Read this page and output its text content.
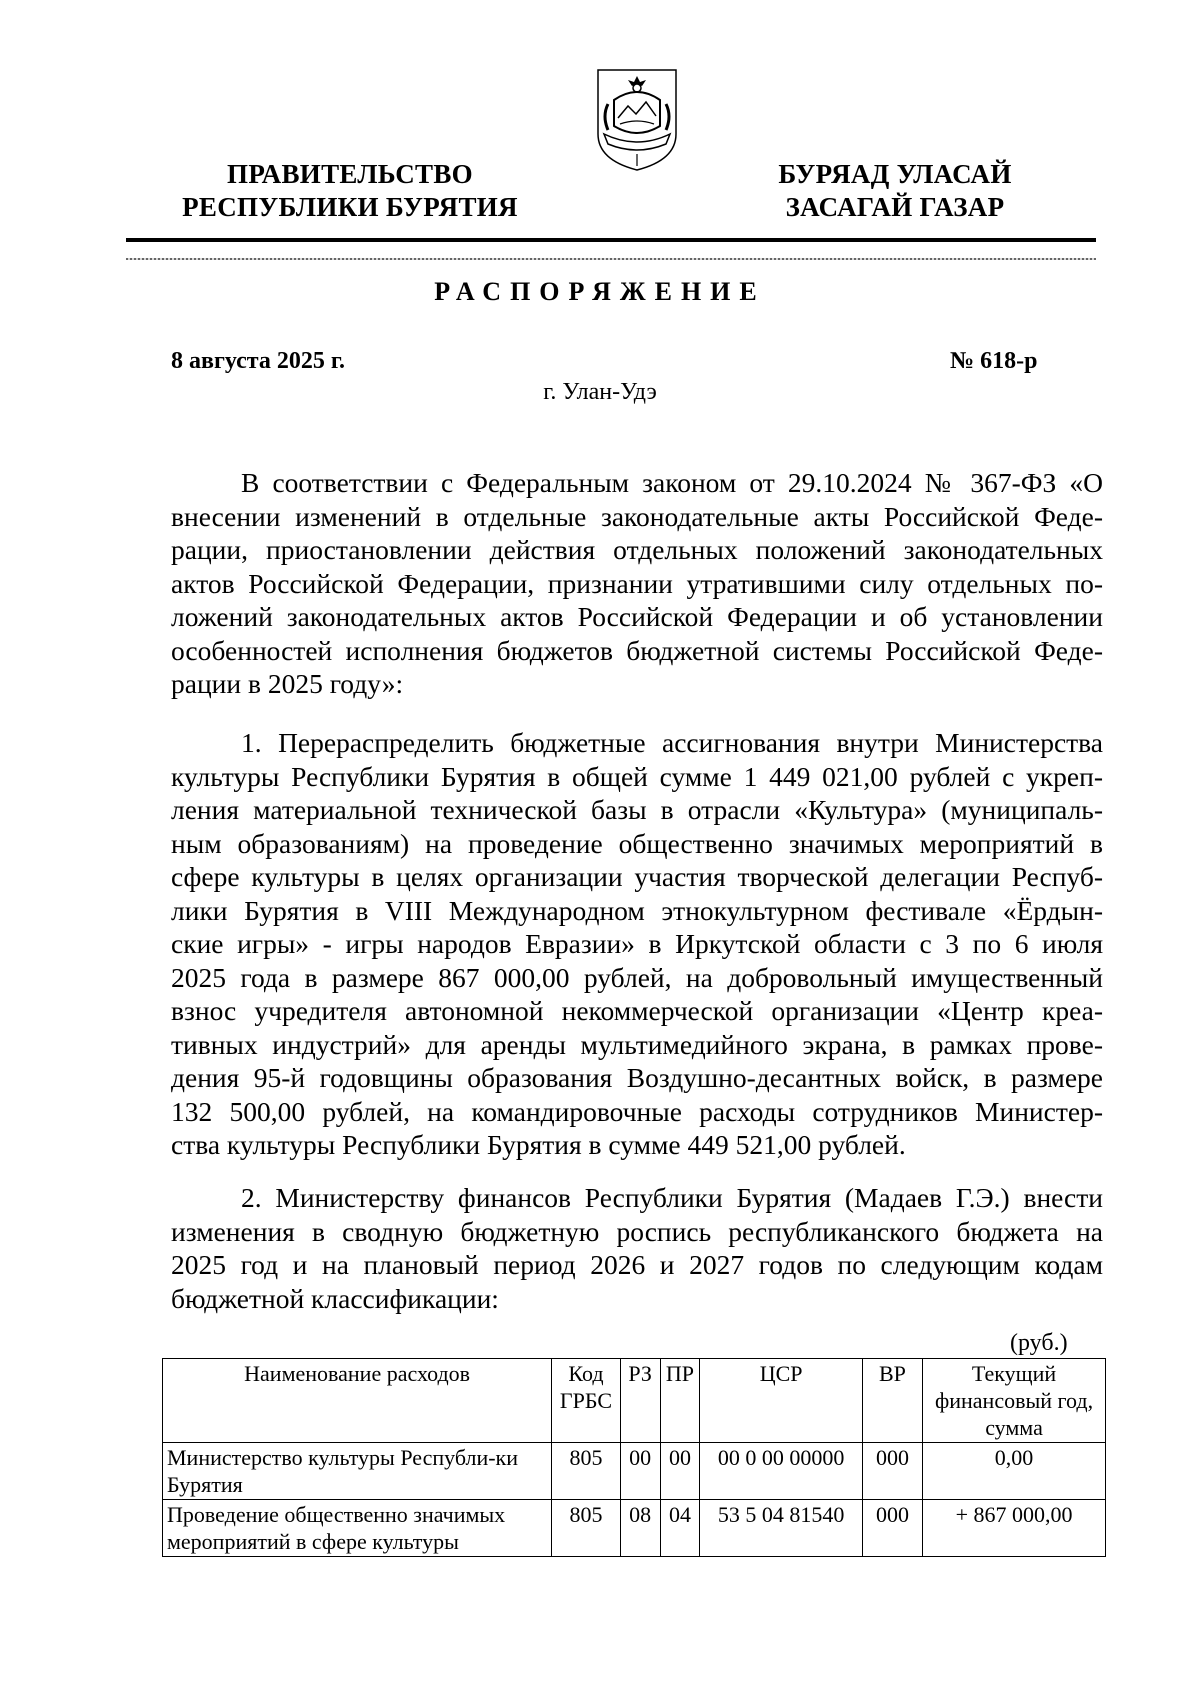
ПРАВИТЕЛЬСТВО
РЕСПУБЛИКИ БУРЯТИЯ
БУРЯАД УЛАСАЙ
ЗАСАГАЙ ГАЗАР
РАСПОРЯЖЕНИЕ
8 августа 2025 г.	№ 618-р
г. Улан-Удэ
В соответствии с Федеральным законом от 29.10.2024 № 367-ФЗ «О
внесении изменений в отдельные законодательные акты Российской Феде-
рации, приостановлении действия отдельных положений законодательных
актов Российской Федерации, признании утратившими силу отдельных по-
ложений законодательных актов Российской Федерации и об установлении
особенностей исполнения бюджетов бюджетной системы Российской Феде-
рации в 2025 году»:
1. Перераспределить бюджетные ассигнования внутри Министерства
культуры Республики Бурятия в общей сумме 1 449 021,00 рублей с укреп-
ления материальной технической базы в отрасли «Культура» (муниципаль-
ным образованиям) на проведение общественно значимых мероприятий в
сфере культуры в целях организации участия творческой делегации Респуб-
лики Бурятия в VIII Международном этнокультурном фестивале «Ёрдын-
ские игры» - игры народов Евразии» в Иркутской области с 3 по 6 июля
2025 года в размере 867 000,00 рублей, на добровольный имущественный
взнос учредителя автономной некоммерческой организации «Центр креа-
тивных индустрий» для аренды мультимедийного экрана, в рамках прове-
дения 95-й годовщины образования Воздушно-десантных войск, в размере
132 500,00 рублей, на командировочные расходы сотрудников Министер-
ства культуры Республики Бурятия в сумме 449 521,00 рублей.
2. Министерству финансов Республики Бурятия (Мадаев Г.Э.) внести
изменения в сводную бюджетную роспись республиканского бюджета на
2025 год и на плановый период 2026 и 2027 годов по следующим кодам
бюджетной классификации:
(руб.)
Наименование расходов	Код ГРБС	РЗ	ПР	ЦСР	ВР	Текущий финансовый год, сумма
Министерство культуры Республи-ки Бурятия	805	00	00	00 0 00 00000	000	0,00
Проведение общественно значимых мероприятий в сфере культуры	805	08	04	53 5 04 81540	000	+ 867 000,00
